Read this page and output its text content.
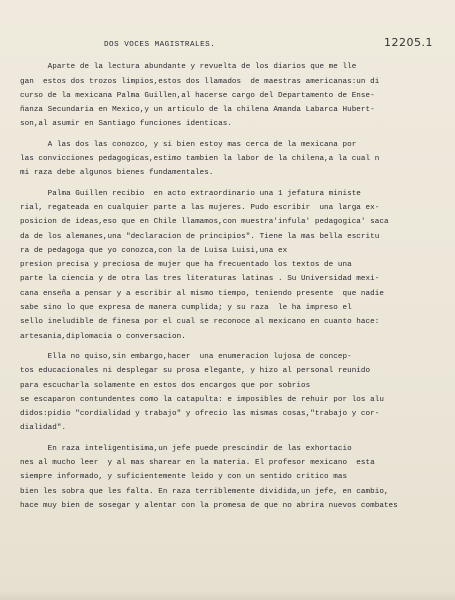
12205.1

DOS VOCES MAGISTRALES.

Aparte de la lectura abundante y revuelta de los diarios que me lle

gan  estos dos trozos limpios,estos dos llamados  de maestras americanas:un di

curso de la mexicana Palma Guillen,al hacerse cargo del Departamento de Ense-

ñanza Secundaria en Mexico,y un articulo de la chilena Amanda Labarca Hubert-

son,al asumir en Santiago funciones identicas.

A las dos las conozco, y si bien estoy mas cerca de la mexicana por

las convicciones pedagogicas,estimo tambien la labor de la chilena,a la cual n

mi raza debe algunos bienes fundamentales.

Palma Guillen recibio  en acto extraordinario una 1 jefatura ministe

rial, regateada en cualquier parte a las mujeres. Pudo escribir  una larga ex-

posicion de ideas,eso que en Chile llamamos,con muestra'infula' pedagogica' saca

da de los alemanes,una "declaracion de principios". Tiene la mas bella escritu

ra de pedagoga que yo conozca,con la de Luisa Luisi,una ex

presion precisa y preciosa de mujer que ha frecuentado los textos de una

parte la ciencia y de otra las tres literaturas latinas . Su Universidad mexi-

cana enseña a pensar y a escribir al mismo tiempo, teniendo presente  que nadie

sabe sino lo que expresa de manera cumplida; y su raza  le ha impreso el

sello ineludible de finesa por el cual se reconoce al mexicano en cuanto hace:

artesania,diplomacia o conversacion.

Ella no quiso,sin embargo,hacer  una enumeracion lujosa de concep-

tos educacionales ni desplegar su prosa elegante, y hizo al personal reunido

para escucharla solamente en estos dos encargos que por sobrios

se escaparon contundentes como la catapulta: e imposibles de rehuir por los alu

didos:pidio "cordialidad y trabajo" y ofrecio las mismas cosas,"trabajo y cor-

dialidad".

En raza inteligentisima,un jefe puede prescindir de las exhortacio

nes al mucho leer  y al mas sharear en la materia. El profesor mexicano  esta

siempre informado, y suficientemente leido y con un sentido critico mas

bien les sobra que les falta. En raza terriblemente dividida,un jefe, en cambio,

hace muy bien de sosegar y alentar con la promesa de que no abrira nuevos combates
